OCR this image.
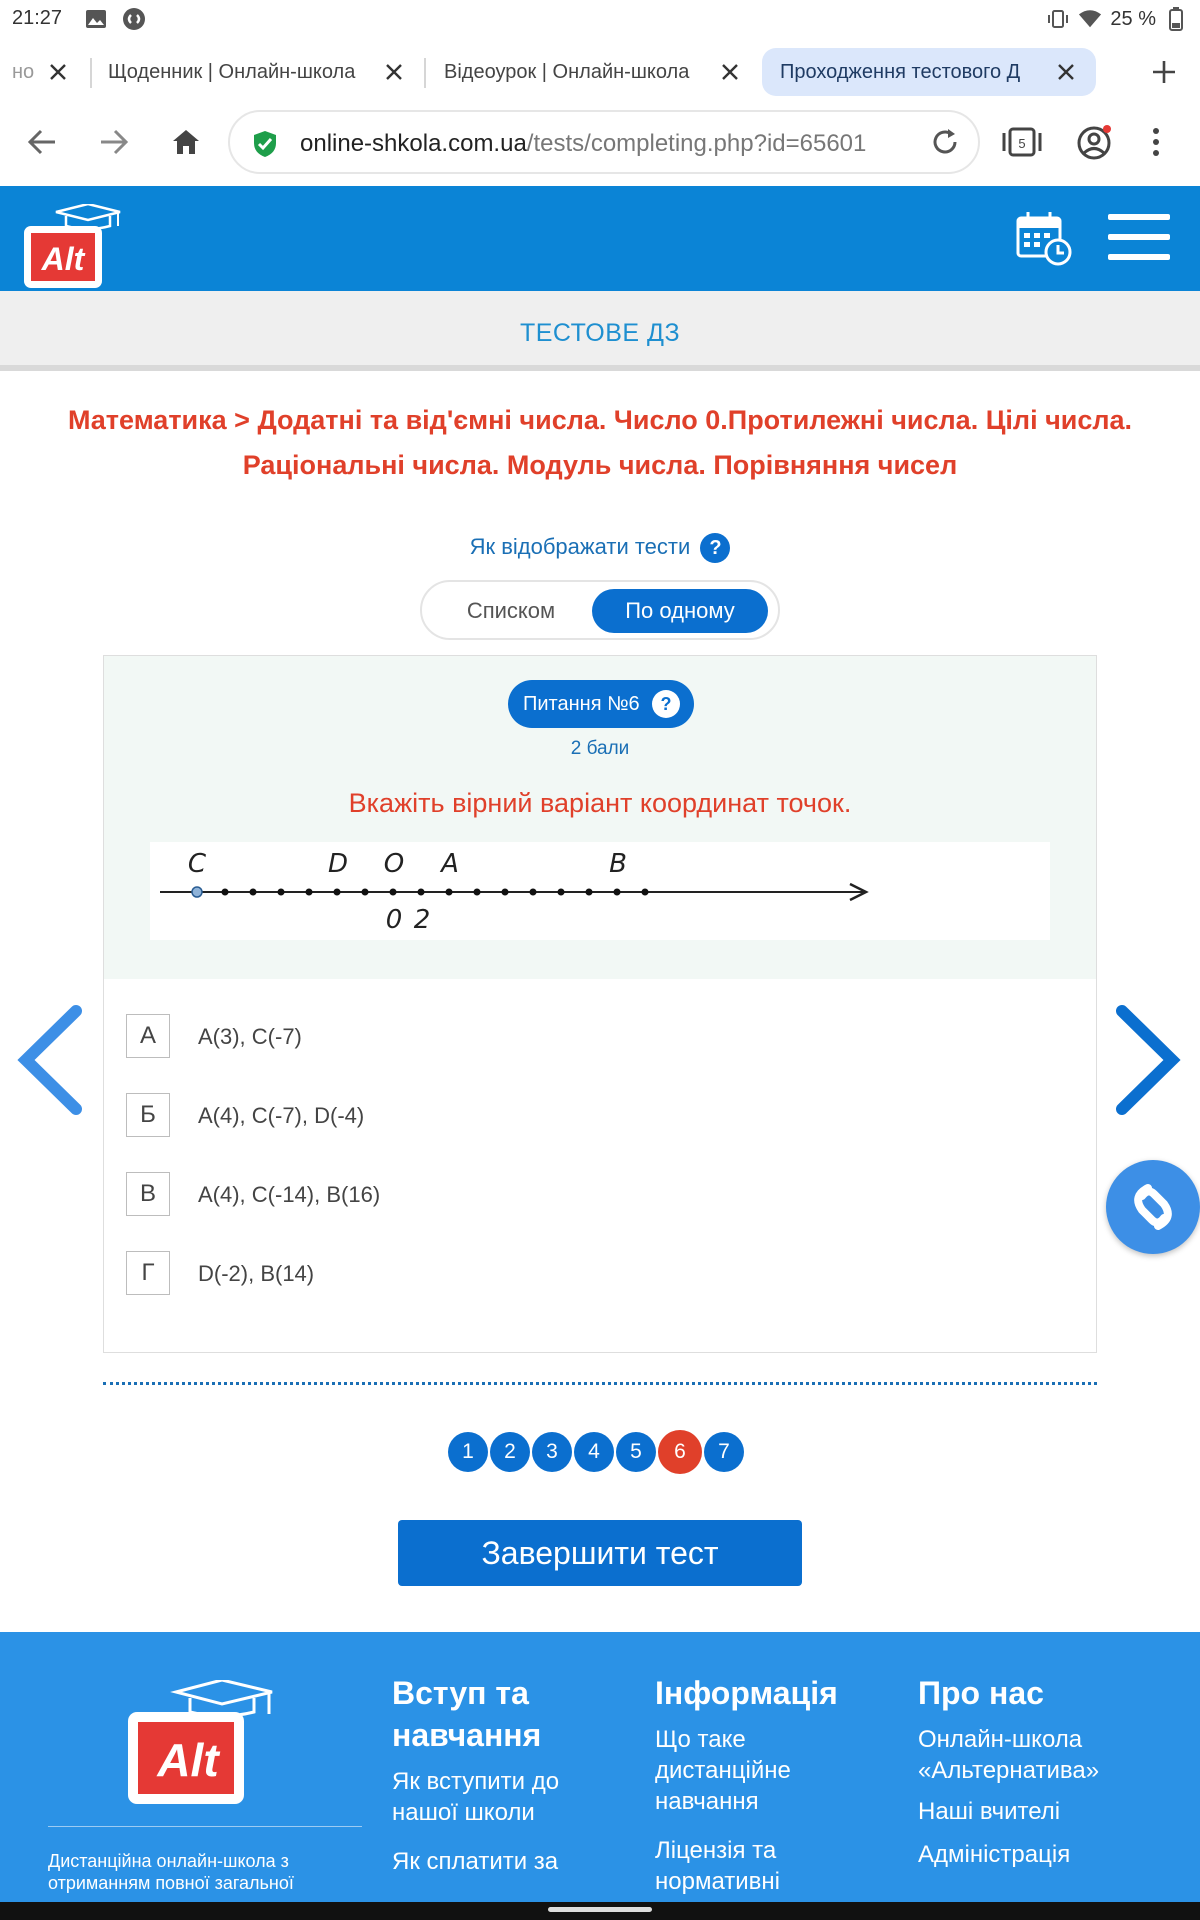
21:27	25 %
но	Щоденник | Онлайн-школа	Відеоурок | Онлайн-школа	Проходження тестового Д
online-shkola.com.ua/tests/completing.php?id=65601	5
Alt
ТЕСТОВЕ ДЗ
Математика > Додатні та від'ємні числа. Число 0.Протилежні числа. Цілі числа.
Раціональні числа. Модуль числа. Порівняння чисел
Як відображати тести ?
Списком	По одному
Питання №6	?
2 бали
Вкажіть вірний варіант координат точок.
C	D O A	B
0 2
А	A(3), C(-7)
Б	A(4), C(-7), D(-4)
В	A(4), C(-14), B(16)
Г	D(-2), B(14)
1	2	3	4	5	6	7
Завершити тест
Alt
Дистанційна онлайн-школа з отриманням повної загальної
Вступ та навчання
Як вступити до нашої школи
Як сплатити за
Інформація
Що таке дистанційне навчання
Ліцензія та нормативні
Про нас
Онлайн-школа «Альтернатива»
Наші вчителі
Адміністрація
